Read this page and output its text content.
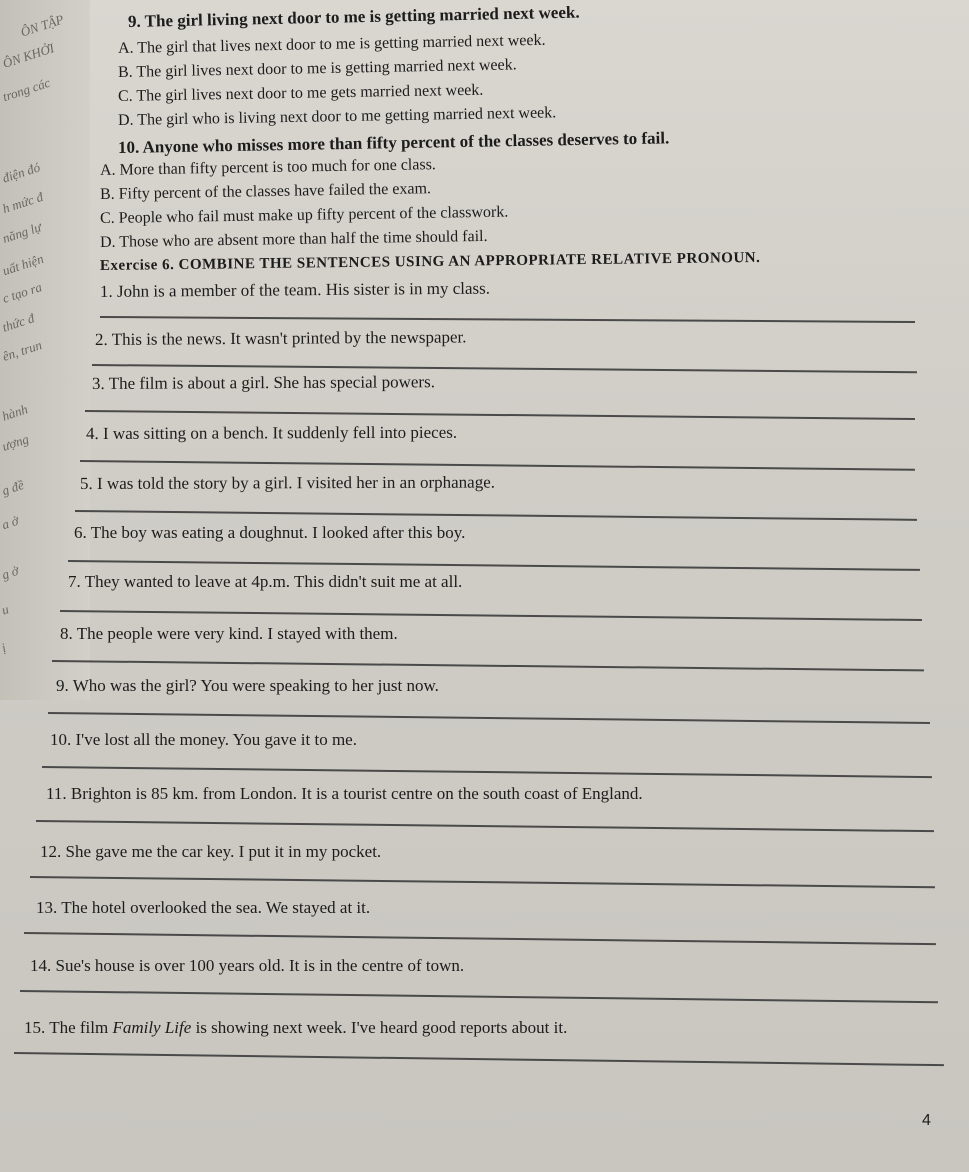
ÔN TẬP
ÔN KHỞI
trong các
điện đó
h mức đ
năng lự
uất hiện
c tạo ra
thức đ
ên, trun
hành
ượng
g đề
a ở
g ở
u
ị
9. The girl living next door to me is getting married next week.
A. The girl that lives next door to me is getting married next week.
B. The girl lives next door to me is getting married next week.
C. The girl lives next door to me gets married next week.
D. The girl who is living next door to me getting married next week.
10. Anyone who misses more than fifty percent of the classes deserves to fail.
A. More than fifty percent is too much for one class.
B. Fifty percent of the classes have failed the exam.
C. People who fail must make up fifty percent of the classwork.
D. Those who are absent more than half the time should fail.
Exercise 6. COMBINE THE SENTENCES USING AN APPROPRIATE RELATIVE PRONOUN.
1. John is a member of the team. His sister is in my class.
2. This is the news. It wasn't printed by the newspaper.
3. The film is about a girl. She has special powers.
4. I was sitting on a bench. It suddenly fell into pieces.
5. I was told the story by a girl. I visited her in an orphanage.
6. The boy was eating a doughnut. I looked after this boy.
7. They wanted to leave at 4p.m. This didn't suit me at all.
8. The people were very kind. I stayed with them.
9. Who was the girl? You were speaking to her just now.
10. I've lost all the money. You gave it to me.
11. Brighton is 85 km. from London. It is a tourist centre on the south coast of England.
12. She gave me the car key. I put it in my pocket.
13. The hotel overlooked the sea. We stayed at it.
14. Sue's house is over 100 years old. It is in the centre of town.
15. The film Family Life is showing next week. I've heard good reports about it.
4
